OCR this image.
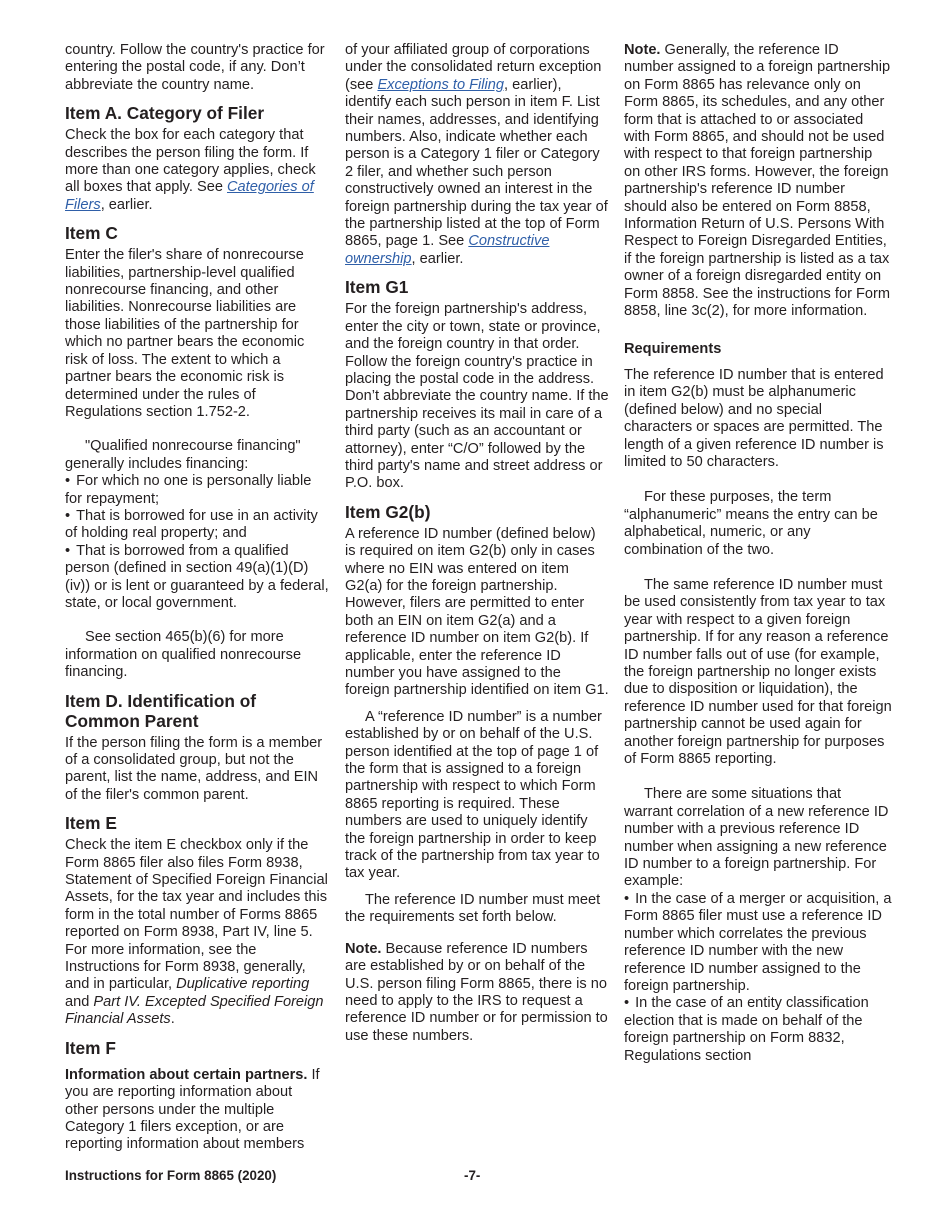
country. Follow the country's practice for entering the postal code, if any. Don’t abbreviate the country name.

Item A. Category of Filer

Check the box for each category that describes the person filing the form. If more than one category applies, check all boxes that apply. See Categories of Filers, earlier.

Item C

Enter the filer's share of nonrecourse liabilities, partnership-level qualified nonrecourse financing, and other liabilities. Nonrecourse liabilities are those liabilities of the partnership for which no partner bears the economic risk of loss. The extent to which a partner bears the economic risk is determined under the rules of Regulations section 1.752-2.

"Qualified nonrecourse financing" generally includes financing:

• For which no one is personally liable for repayment;

• That is borrowed for use in an activity of holding real property; and

• That is borrowed from a qualified person (defined in section 49(a)(1)(D)(iv)) or is lent or guaranteed by a federal, state, or local government.

See section 465(b)(6) for more information on qualified nonrecourse financing.

Item D. Identification of Common Parent

If the person filing the form is a member of a consolidated group, but not the parent, list the name, address, and EIN of the filer's common parent.

Item E

Check the item E checkbox only if the Form 8865 filer also files Form 8938, Statement of Specified Foreign Financial Assets, for the tax year and includes this form in the total number of Forms 8865 reported on Form 8938, Part IV, line 5. For more information, see the Instructions for Form 8938, generally, and in particular, Duplicative reporting and Part IV. Excepted Specified Foreign Financial Assets.

Item F

Information about certain partners. If you are reporting information about other persons under the multiple Category 1 filers exception, or are reporting information about members

of your affiliated group of corporations under the consolidated return exception (see Exceptions to Filing, earlier), identify each such person in item F. List their names, addresses, and identifying numbers. Also, indicate whether each person is a Category 1 filer or Category 2 filer, and whether such person constructively owned an interest in the foreign partnership during the tax year of the partnership listed at the top of Form 8865, page 1. See Constructive ownership, earlier.

Item G1

For the foreign partnership's address, enter the city or town, state or province, and the foreign country in that order. Follow the foreign country's practice in placing the postal code in the address. Don’t abbreviate the country name. If the partnership receives its mail in care of a third party (such as an accountant or attorney), enter “C/O” followed by the third party's name and street address or P.O. box.

Item G2(b)

A reference ID number (defined below) is required on item G2(b) only in cases where no EIN was entered on item G2(a) for the foreign partnership. However, filers are permitted to enter both an EIN on item G2(a) and a reference ID number on item G2(b). If applicable, enter the reference ID number you have assigned to the foreign partnership identified on item G1.

A “reference ID number” is a number established by or on behalf of the U.S. person identified at the top of page 1 of the form that is assigned to a foreign partnership with respect to which Form 8865 reporting is required. These numbers are used to uniquely identify the foreign partnership in order to keep track of the partnership from tax year to tax year.

The reference ID number must meet the requirements set forth below.

Note. Because reference ID numbers are established by or on behalf of the U.S. person filing Form 8865, there is no need to apply to the IRS to request a reference ID number or for permission to use these numbers.

Note. Generally, the reference ID number assigned to a foreign partnership on Form 8865 has relevance only on Form 8865, its schedules, and any other form that is attached to or associated with Form 8865, and should not be used with respect to that foreign partnership on other IRS forms. However, the foreign partnership's reference ID number should also be entered on Form 8858, Information Return of U.S. Persons With Respect to Foreign Disregarded Entities, if the foreign partnership is listed as a tax owner of a foreign disregarded entity on Form 8858. See the instructions for Form 8858, line 3c(2), for more information.

Requirements

The reference ID number that is entered in item G2(b) must be alphanumeric (defined below) and no special characters or spaces are permitted. The length of a given reference ID number is limited to 50 characters.

For these purposes, the term “alphanumeric” means the entry can be alphabetical, numeric, or any combination of the two.

The same reference ID number must be used consistently from tax year to tax year with respect to a given foreign partnership. If for any reason a reference ID number falls out of use (for example, the foreign partnership no longer exists due to disposition or liquidation), the reference ID number used for that foreign partnership cannot be used again for another foreign partnership for purposes of Form 8865 reporting.

There are some situations that warrant correlation of a new reference ID number with a previous reference ID number when assigning a new reference ID number to a foreign partnership. For example:

• In the case of a merger or acquisition, a Form 8865 filer must use a reference ID number which correlates the previous reference ID number with the new reference ID number assigned to the foreign partnership.

• In the case of an entity classification election that is made on behalf of the foreign partnership on Form 8832, Regulations section

Instructions for Form 8865 (2020)	-7-
